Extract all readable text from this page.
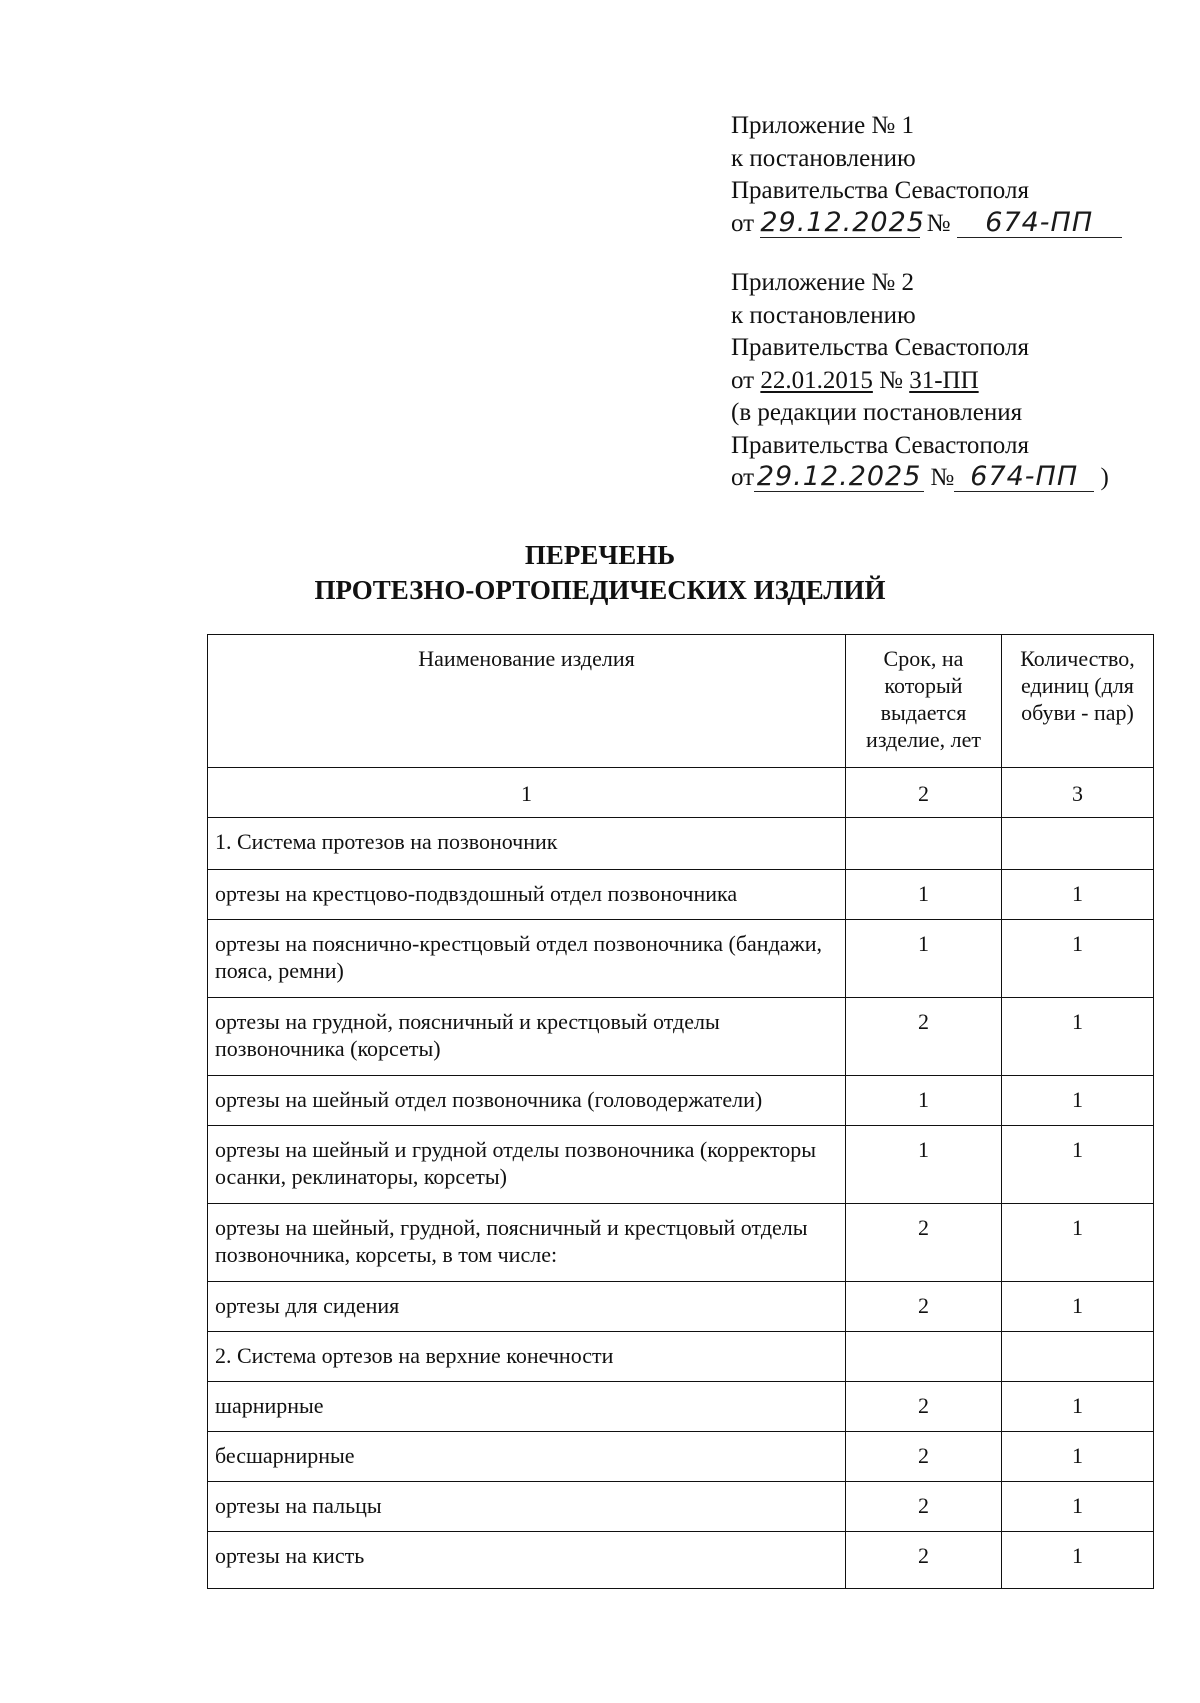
Приложение № 1
к постановлению
Правительства Севастополя
от 29.12.2025 № 674-ПП
Приложение № 2
к постановлению
Правительства Севастополя
от 22.01.2015 № 31-ПП
(в редакции постановления
Правительства Севастополя
от 29.12.2025 № 674-ПП )
ПЕРЕЧЕНЬ
ПРОТЕЗНО-ОРТОПЕДИЧЕСКИХ ИЗДЕЛИЙ
Наименование изделия	Срок, на который выдается изделие, лет	Количество, единиц (для обуви - пар)
1	2	3
1. Система протезов на позвоночник		
ортезы на крестцово-подвздошный отдел позвоночника	1	1
ортезы на пояснично-крестцовый отдел позвоночника (бандажи, пояса, ремни)	1	1
ортезы на грудной, поясничный и крестцовый отделы позвоночника (корсеты)	2	1
ортезы на шейный отдел позвоночника (головодержатели)	1	1
ортезы на шейный и грудной отделы позвоночника (корректоры осанки, реклинаторы, корсеты)	1	1
ортезы на шейный, грудной, поясничный и крестцовый отделы позвоночника, корсеты, в том числе:	2	1
ортезы для сидения	2	1
2. Система ортезов на верхние конечности		
шарнирные	2	1
бесшарнирные	2	1
ортезы на пальцы	2	1
ортезы на кисть	2	1
